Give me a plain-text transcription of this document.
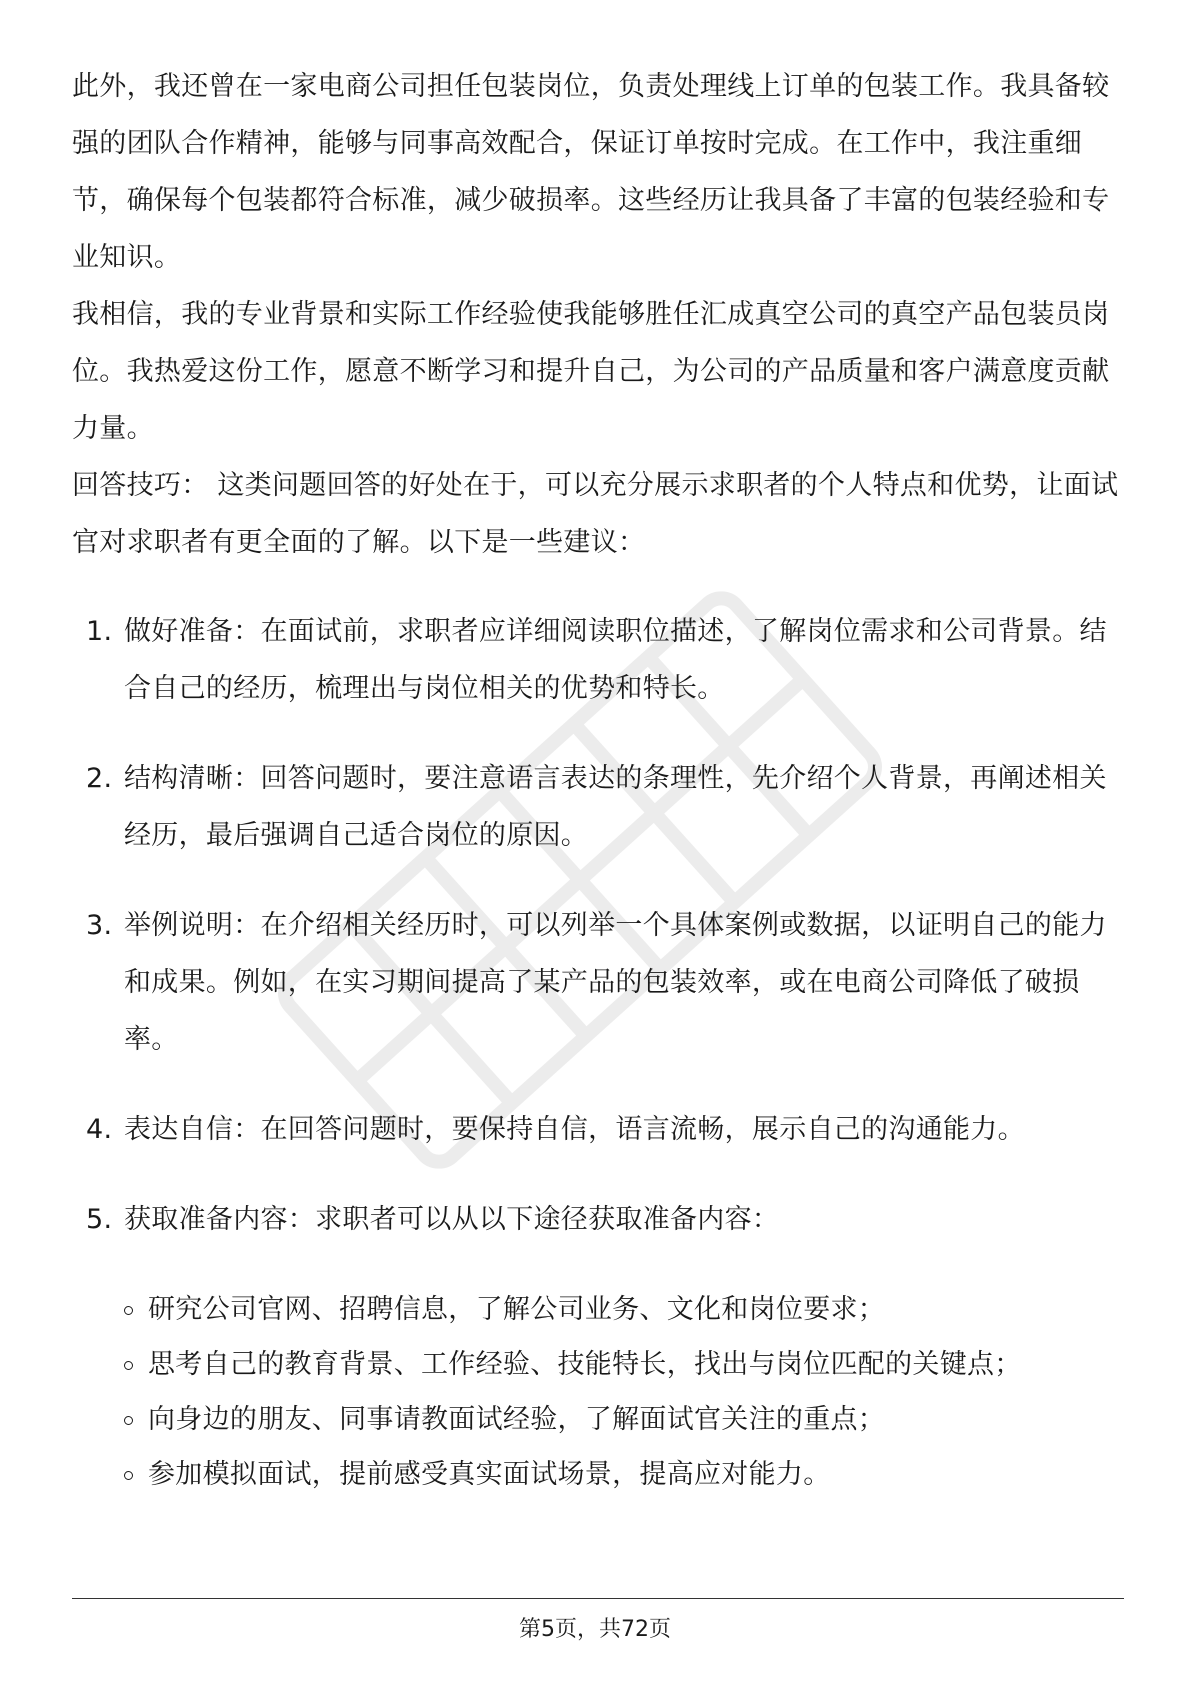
此外，我还曾在一家电商公司担任包装岗位，负责处理线上订单的包装工作。我具备较强的团队合作精神，能够与同事高效配合，保证订单按时完成。在工作中，我注重细节，确保每个包装都符合标准，减少破损率。这些经历让我具备了丰富的包装经验和专业知识。

我相信，我的专业背景和实际工作经验使我能够胜任汇成真空公司的真空产品包装员岗位。我热爱这份工作，愿意不断学习和提升自己，为公司的产品质量和客户满意度贡献力量。

回答技巧： 这类问题回答的好处在于，可以充分展示求职者的个人特点和优势，让面试官对求职者有更全面的了解。以下是一些建议：

1. 做好准备：在面试前，求职者应详细阅读职位描述，了解岗位需求和公司背景。结合自己的经历，梳理出与岗位相关的优势和特长。
2. 结构清晰：回答问题时，要注意语言表达的条理性，先介绍个人背景，再阐述相关经历，最后强调自己适合岗位的原因。
3. 举例说明：在介绍相关经历时，可以列举一个具体案例或数据，以证明自己的能力和成果。例如，在实习期间提高了某产品的包装效率，或在电商公司降低了破损率。
4. 表达自信：在回答问题时，要保持自信，语言流畅，展示自己的沟通能力。
5. 获取准备内容：求职者可以从以下途径获取准备内容：
研究公司官网、招聘信息，了解公司业务、文化和岗位要求；
思考自己的教育背景、工作经验、技能特长，找出与岗位匹配的关键点；
向身边的朋友、同事请教面试经验，了解面试官关注的重点；
参加模拟面试，提前感受真实面试场景，提高应对能力。
第5页，共72页
